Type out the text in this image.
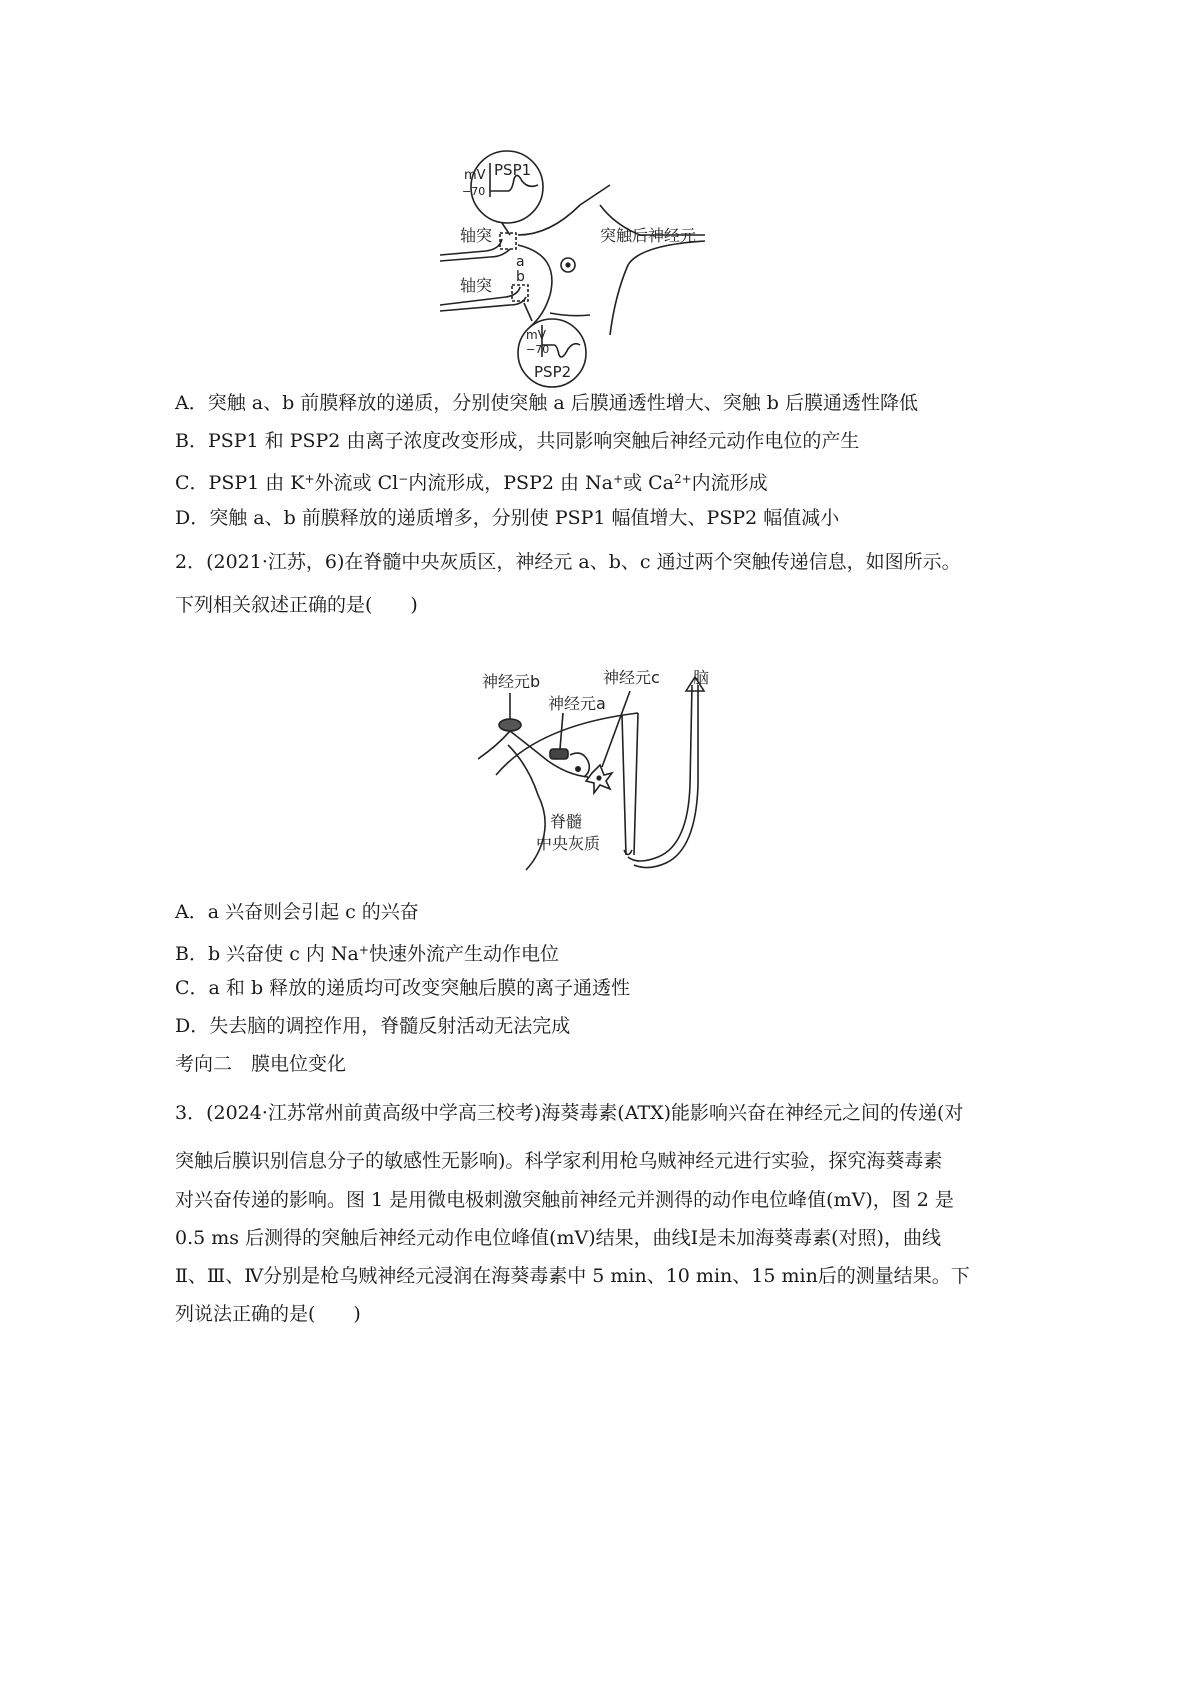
mV PSP1
−70
轴突
a
突触后神经元
轴突 b
mV
−70
PSP2
A．突触 a、b 前膜释放的递质，分别使突触 a 后膜通透性增大、突触 b 后膜通透性降低
B．PSP1 和 PSP2 由离子浓度改变形成，共同影响突触后神经元动作电位的产生
C．PSP1 由 K+外流或 Cl−内流形成，PSP2 由 Na+或 $Ca^{2+}$内流形成
D．突触 a、b 前膜释放的递质增多，分别使 PSP1 幅值增大、PSP2 幅值减小
2．(2021·江苏，6)在脊髓中央灰质区，神经元 a、b、c 通过两个突触传递信息，如图所示。
下列相关叙述正确的是(　　)
神经元b	神经元c
神经元a
脑
脊髓
中央灰质
A．a 兴奋则会引起 c 的兴奋
B．b 兴奋使 c 内 Na+快速外流产生动作电位
C．a 和 b 释放的递质均可改变突触后膜的离子通透性
D．失去脑的调控作用，脊髓反射活动无法完成
考向二　膜电位变化
3．(2024·江苏常州前黄高级中学高三校考)海葵毒素(ATX)能影响兴奋在神经元之间的传递(对
突触后膜识别信息分子的敏感性无影响)。科学家利用枪乌贼神经元进行实验，探究海葵毒素
对兴奋传递的影响。图 1 是用微电极刺激突触前神经元并测得的动作电位峰值(mV)，图 2 是
0.5 ms 后测得的突触后神经元动作电位峰值(mV)结果，曲线Ⅰ是未加海葵毒素(对照)，曲线
Ⅱ、Ⅲ、Ⅳ分别是枪乌贼神经元浸润在海葵毒素中 5 min、10 min、15 min后的测量结果。下
列说法正确的是(　　)
